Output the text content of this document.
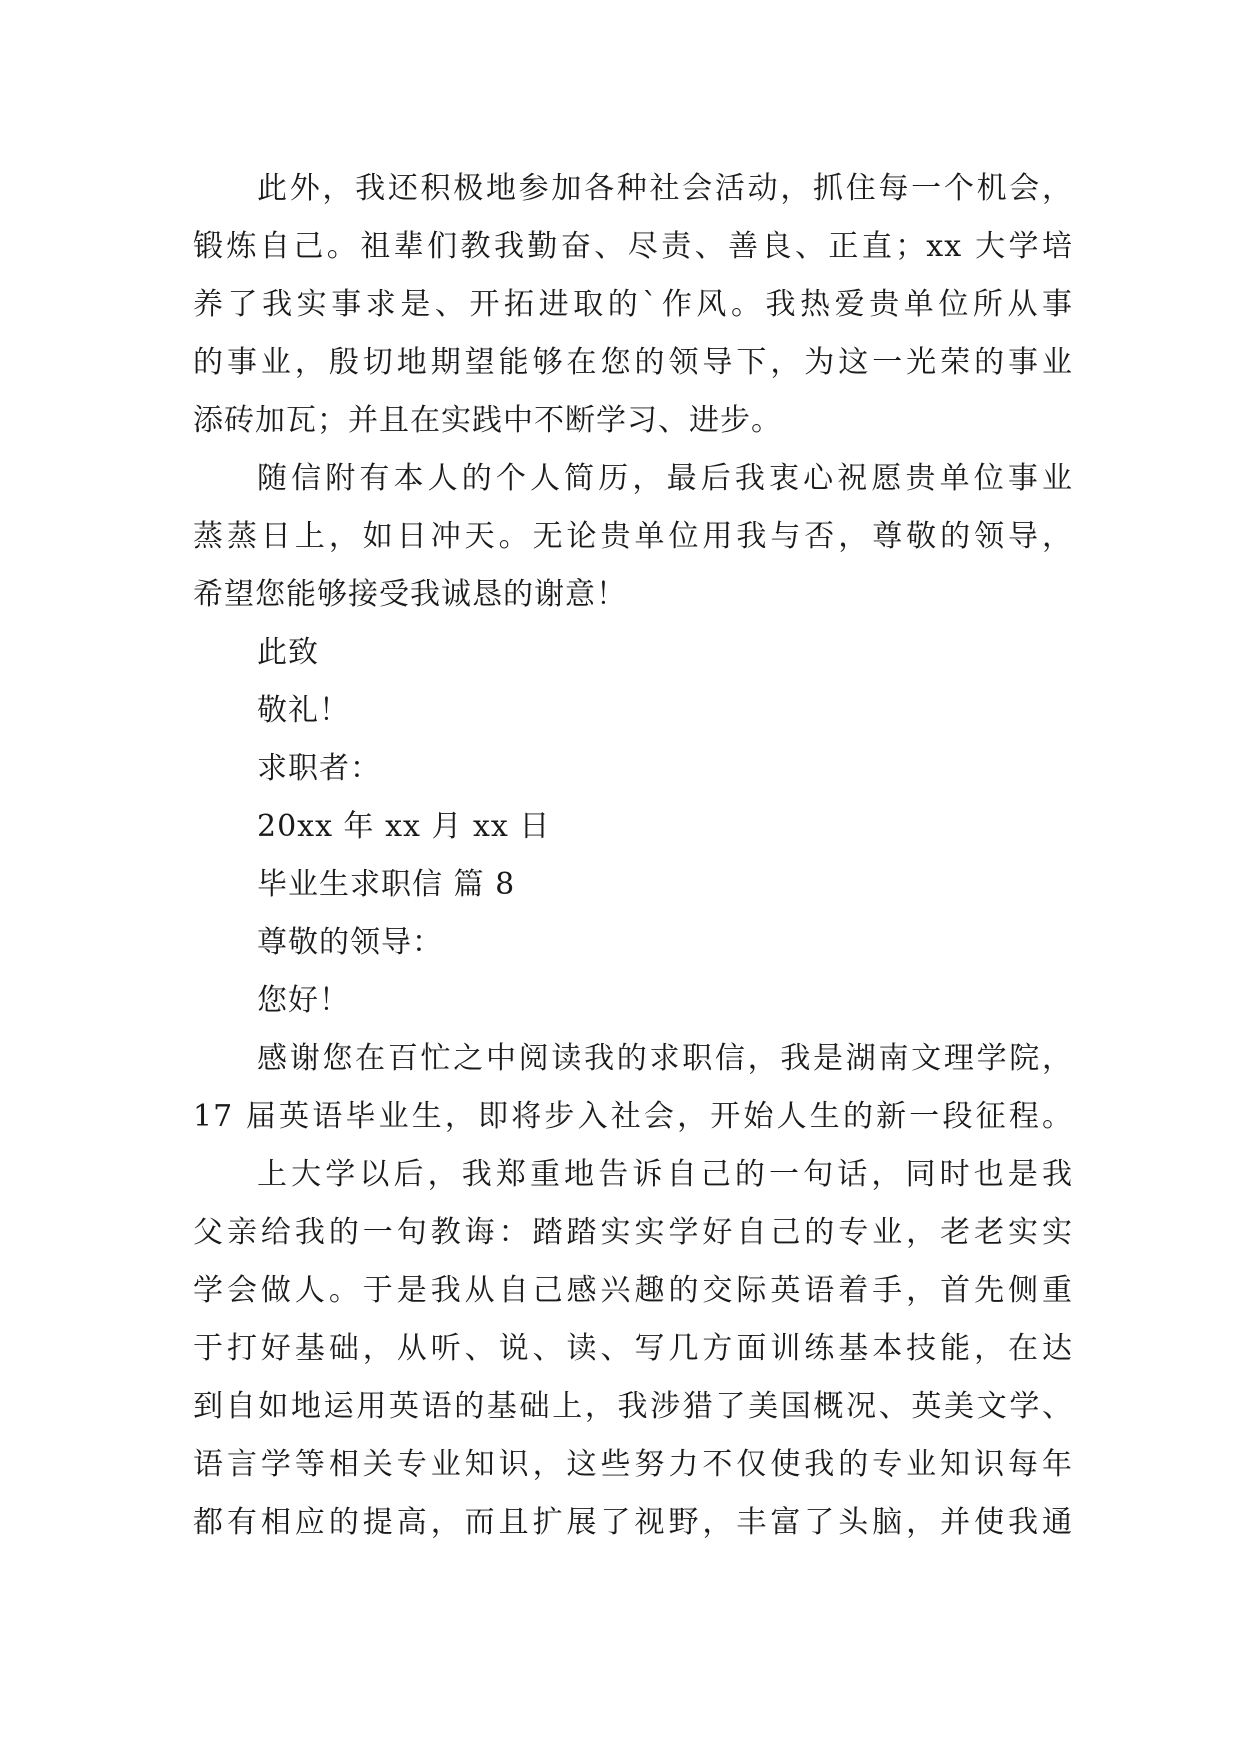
此外，我还积极地参加各种社会活动，抓住每一个机会，
锻炼自己。祖辈们教我勤奋、尽责、善良、正直；xx 大学培
养了我实事求是、开拓进取的`作风。我热爱贵单位所从事
的事业，殷切地期望能够在您的领导下，为这一光荣的事业
添砖加瓦；并且在实践中不断学习、进步。
随信附有本人的个人简历，最后我衷心祝愿贵单位事业
蒸蒸日上，如日冲天。无论贵单位用我与否，尊敬的领导，
希望您能够接受我诚恳的谢意！
此致
敬礼！
求职者：
20xx 年 xx 月 xx 日
毕业生求职信 篇 8
尊敬的领导：
您好！
感谢您在百忙之中阅读我的求职信，我是湖南文理学院，
17 届英语毕业生，即将步入社会，开始人生的新一段征程。
上大学以后，我郑重地告诉自己的一句话，同时也是我
父亲给我的一句教诲：踏踏实实学好自己的专业，老老实实
学会做人。于是我从自己感兴趣的交际英语着手，首先侧重
于打好基础，从听、说、读、写几方面训练基本技能，在达
到自如地运用英语的基础上，我涉猎了美国概况、英美文学、
语言学等相关专业知识，这些努力不仅使我的专业知识每年
都有相应的提高，而且扩展了视野，丰富了头脑，并使我通
